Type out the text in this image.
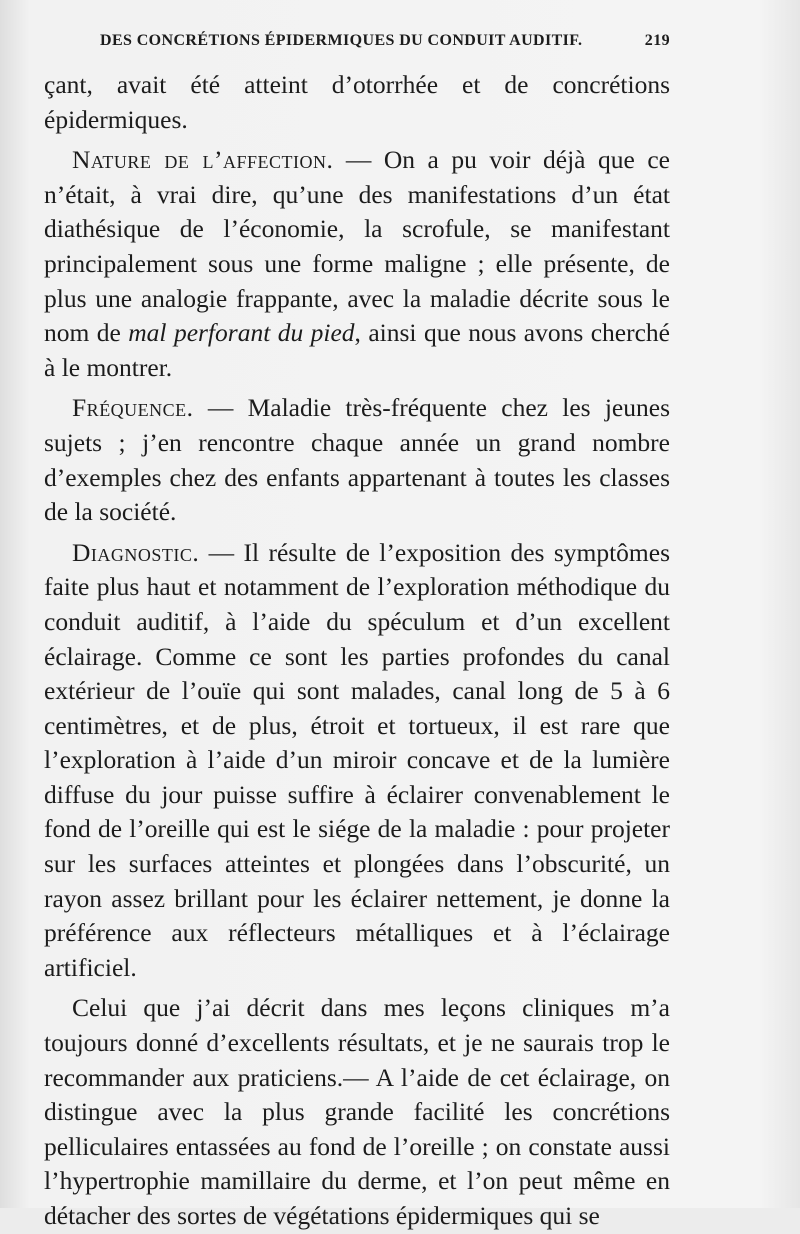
DES CONCRÉTIONS ÉPIDERMIQUES DU CONDUIT AUDITIF.	219

çant, avait été atteint d’otorrhée et de concrétions épidermiques.

Nature de l’affection. — On a pu voir déjà que ce n’était, à vrai dire, qu’une des manifestations d’un état diathésique de l’économie, la scrofule, se manifestant principalement sous une forme maligne ; elle présente, de plus une analogie frappante, avec la maladie décrite sous le nom de mal perforant du pied, ainsi que nous avons cherché à le montrer.

Fréquence. — Maladie très-fréquente chez les jeunes sujets ; j’en rencontre chaque année un grand nombre d’exemples chez des enfants appartenant à toutes les classes de la société.

Diagnostic. — Il résulte de l’exposition des symptômes faite plus haut et notamment de l’exploration méthodique du conduit auditif, à l’aide du spéculum et d’un excellent éclairage. Comme ce sont les parties profondes du canal extérieur de l’ouïe qui sont malades, canal long de 5 à 6 centimètres, et de plus, étroit et tortueux, il est rare que l’exploration à l’aide d’un miroir concave et de la lumière diffuse du jour puisse suffire à éclairer convenablement le fond de l’oreille qui est le siége de la maladie : pour projeter sur les surfaces atteintes et plongées dans l’obscurité, un rayon assez brillant pour les éclairer nettement, je donne la préférence aux réflecteurs métalliques et à l’éclairage artificiel.

Celui que j’ai décrit dans mes leçons cliniques m’a toujours donné d’excellents résultats, et je ne saurais trop le recommander aux praticiens.— A l’aide de cet éclairage, on distingue avec la plus grande facilité les concrétions pelliculaires entassées au fond de l’oreille ; on constate aussi l’hypertrophie mamillaire du derme, et l’on peut même en détacher des sortes de végétations épidermiques qui se
